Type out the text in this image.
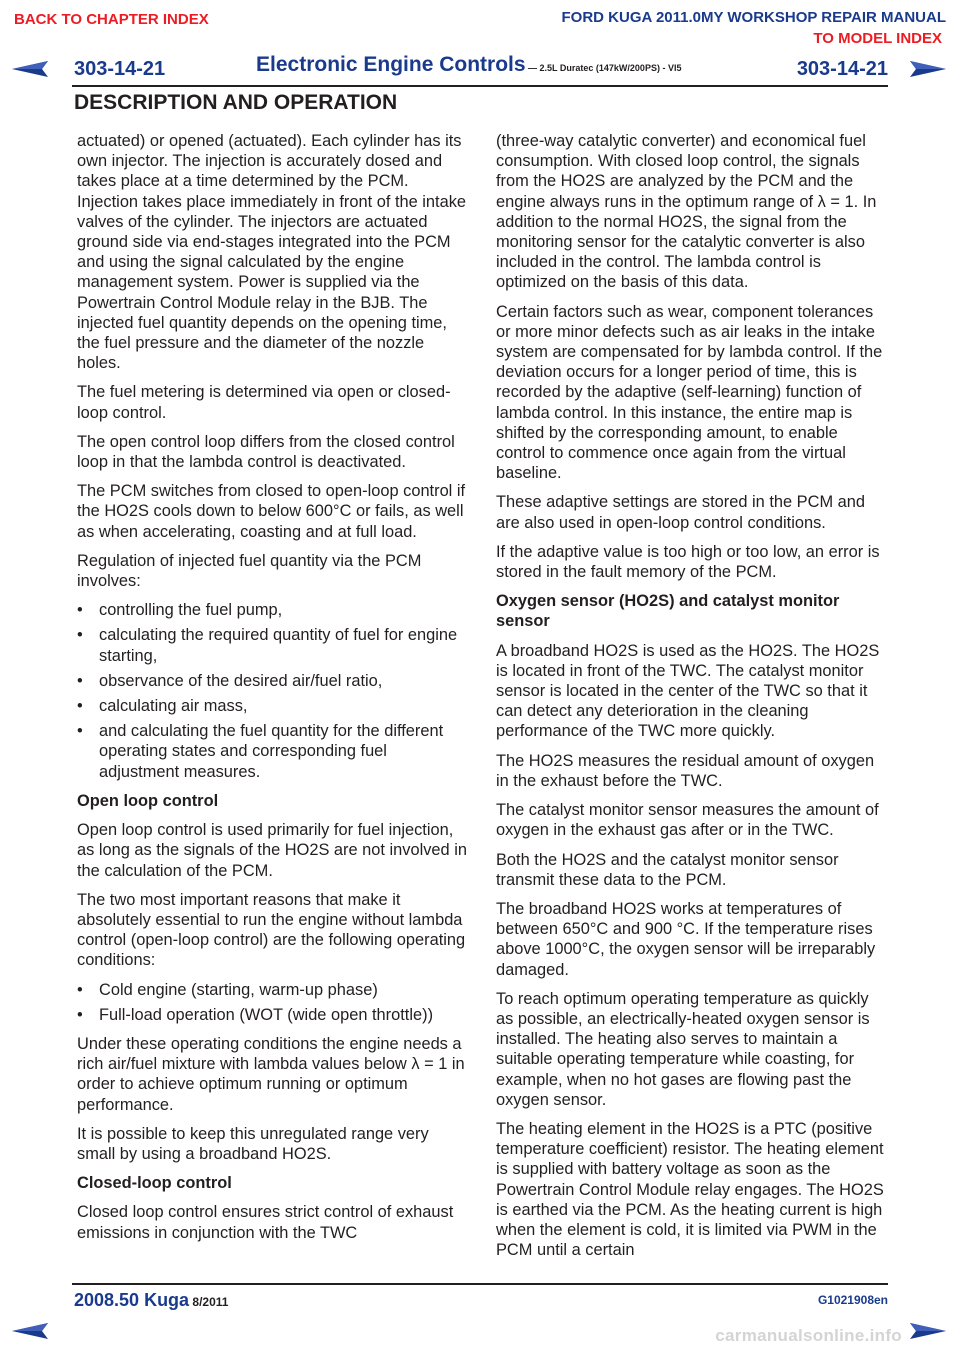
BACK TO CHAPTER INDEX	FORD KUGA 2011.0MY WORKSHOP REPAIR MANUAL
TO MODEL INDEX
303-14-21	Electronic Engine Controls — 2.5L Duratec (147kW/200PS) - VI5	303-14-21
DESCRIPTION AND OPERATION

actuated) or opened (actuated). Each cylinder has its own injector. The injection is accurately dosed and takes place at a time determined by the PCM. Injection takes place immediately in front of the intake valves of the cylinder. The injectors are actuated ground side via end-stages integrated into the PCM and using the signal calculated by the engine management system. Power is supplied via the Powertrain Control Module relay in the BJB. The injected fuel quantity depends on the opening time, the fuel pressure and the diameter of the nozzle holes.

The fuel metering is determined via open or closed-loop control.

The open control loop differs from the closed control loop in that the lambda control is deactivated.

The PCM switches from closed to open-loop control if the HO2S cools down to below 600°C or fails, as well as when accelerating, coasting and at full load.

Regulation of injected fuel quantity via the PCM involves:

• controlling the fuel pump,
• calculating the required quantity of fuel for engine starting,
• observance of the desired air/fuel ratio,
• calculating air mass,
• and calculating the fuel quantity for the different operating states and corresponding fuel adjustment measures.
Open loop control

Open loop control is used primarily for fuel injection, as long as the signals of the HO2S are not involved in the calculation of the PCM.

The two most important reasons that make it absolutely essential to run the engine without lambda control (open-loop control) are the following operating conditions:

• Cold engine (starting, warm-up phase)
• Full-load operation (WOT (wide open throttle))

Under these operating conditions the engine needs a rich air/fuel mixture with lambda values below λ = 1 in order to achieve optimum running or optimum performance.

It is possible to keep this unregulated range very small by using a broadband HO2S.

Closed-loop control

Closed loop control ensures strict control of exhaust emissions in conjunction with the TWC

(three-way catalytic converter) and economical fuel consumption. With closed loop control, the signals from the HO2S are analyzed by the PCM and the engine always runs in the optimum range of λ = 1. In addition to the normal HO2S, the signal from the monitoring sensor for the catalytic converter is also included in the control. The lambda control is optimized on the basis of this data.

Certain factors such as wear, component tolerances or more minor defects such as air leaks in the intake system are compensated for by lambda control. If the deviation occurs for a longer period of time, this is recorded by the adaptive (self-learning) function of lambda control. In this instance, the entire map is shifted by the corresponding amount, to enable control to commence once again from the virtual baseline.

These adaptive settings are stored in the PCM and are also used in open-loop control conditions.

If the adaptive value is too high or too low, an error is stored in the fault memory of the PCM.

Oxygen sensor (HO2S) and catalyst monitor sensor

A broadband HO2S is used as the HO2S. The HO2S is located in front of the TWC. The catalyst monitor sensor is located in the center of the TWC so that it can detect any deterioration in the cleaning performance of the TWC more quickly.

The HO2S measures the residual amount of oxygen in the exhaust before the TWC.

The catalyst monitor sensor measures the amount of oxygen in the exhaust gas after or in the TWC.

Both the HO2S and the catalyst monitor sensor transmit these data to the PCM.

The broadband HO2S works at temperatures of between 650°C and 900 °C. If the temperature rises above 1000°C, the oxygen sensor will be irreparably damaged.

To reach optimum operating temperature as quickly as possible, an electrically-heated oxygen sensor is installed. The heating also serves to maintain a suitable operating temperature while coasting, for example, when no hot gases are flowing past the oxygen sensor.

The heating element in the HO2S is a PTC (positive temperature coefficient) resistor. The heating element is supplied with battery voltage as soon as the Powertrain Control Module relay engages. The HO2S is earthed via the PCM. As the heating current is high when the element is cold, it is limited via PWM in the PCM until a certain

2008.50 Kuga 8/2011	G1021908en
carmanualsonline.info
